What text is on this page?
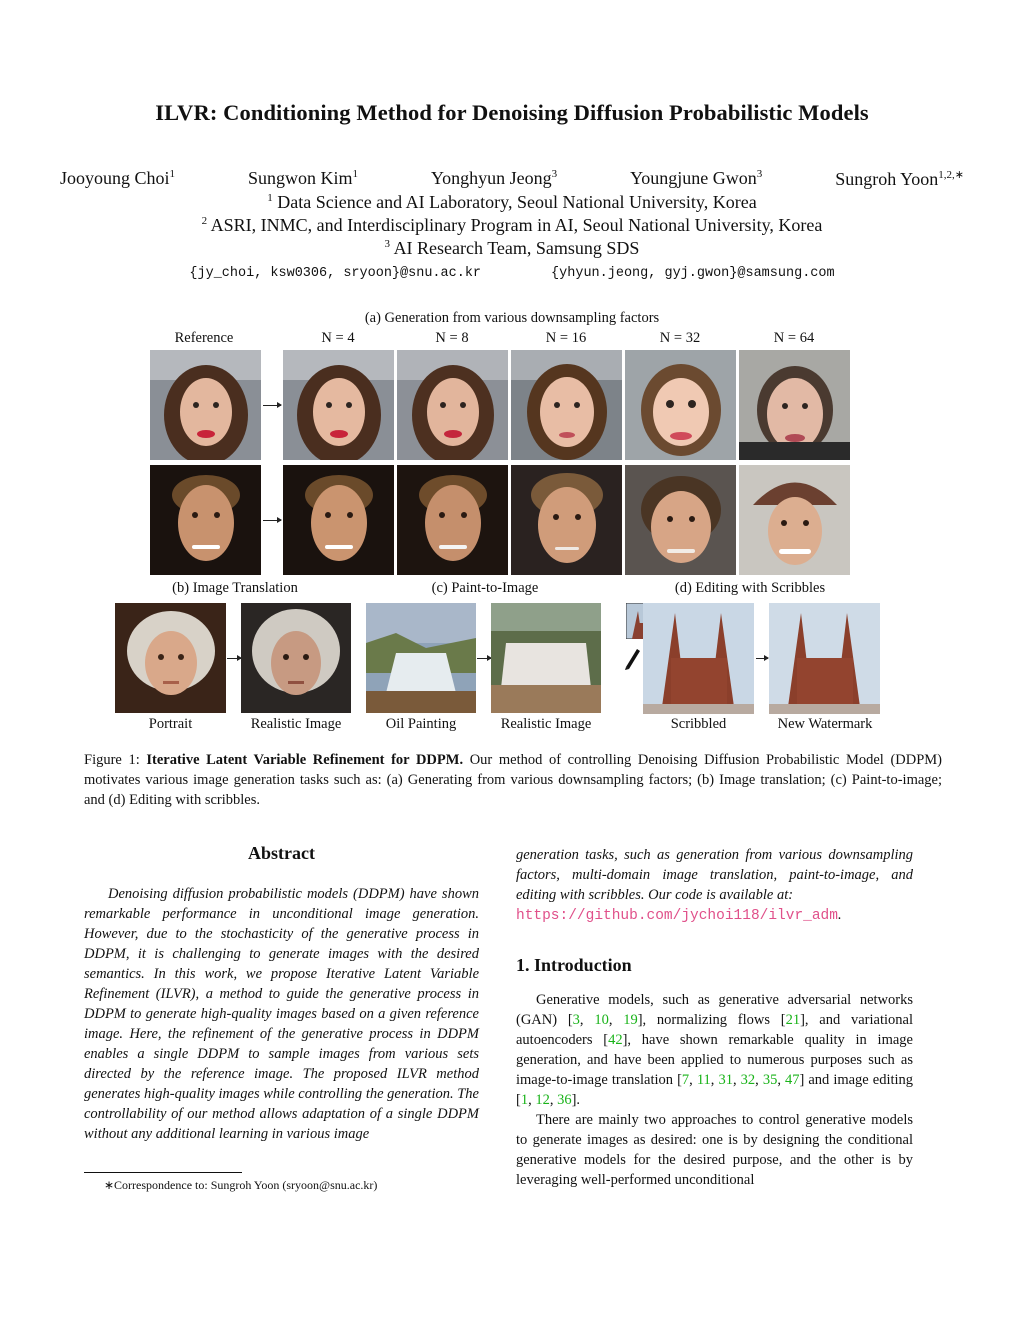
ILVR: Conditioning Method for Denoising Diffusion Probabilistic Models
Jooyoung Choi$^1$	Sungwon Kim$^1$	Yonghyun Jeong$^3$	Youngjune Gwon$^3$	Sungroh Yoon$^{1,2,∗}$
$^1$ Data Science and AI Laboratory, Seoul National University, Korea
$^2$ ASRI, INMC, and Interdisciplinary Program in AI, Seoul National University, Korea
$^3$ AI Research Team, Samsung SDS
{jy_choi, ksw0306, sryoon}@snu.ac.kr	{yhyun.jeong, gyj.gwon}@samsung.com
(a) Generation from various downsampling factors
Reference	N = 4	N = 8	N = 16	N = 32	N = 64
(b) Image Translation	(c) Paint-to-Image	(d) Editing with Scribbles
Portrait	Realistic Image	Oil Painting	Realistic Image	Scribbled	New Watermark
Figure 1: Iterative Latent Variable Refinement for DDPM. Our method of controlling Denoising Diffusion Probabilistic Model (DDPM) motivates various image generation tasks such as: (a) Generating from various downsampling factors; (b) Image translation; (c) Paint-to-image; and (d) Editing with scribbles.
Abstract
Denoising diffusion probabilistic models (DDPM) have shown remarkable performance in unconditional image generation. However, due to the stochasticity of the generative process in DDPM, it is challenging to generate images with the desired semantics. In this work, we propose Iterative Latent Variable Refinement (ILVR), a method to guide the generative process in DDPM to generate high-quality images based on a given reference image. Here, the refinement of the generative process in DDPM enables a single DDPM to sample images from various sets directed by the reference image. The proposed ILVR method generates high-quality images while controlling the generation. The controllability of our method allows adaptation of a single DDPM without any additional learning in various image
∗Correspondence to: Sungroh Yoon (sryoon@snu.ac.kr)
generation tasks, such as generation from various downsampling factors, multi-domain image translation, paint-to-image, and editing with scribbles. Our code is available at:
https://github.com/jychoi118/ilvr_adm.
1. Introduction

Generative models, such as generative adversarial networks (GAN) [3, 10, 19], normalizing flows [21], and variational autoencoders [42], have shown remarkable quality in image generation, and have been applied to numerous purposes such as image-to-image translation [7, 11, 31, 32, 35, 47] and image editing [1, 12, 36].

There are mainly two approaches to control generative models to generate images as desired: one is by designing the conditional generative models for the desired purpose, and the other is by leveraging well-performed unconditional
